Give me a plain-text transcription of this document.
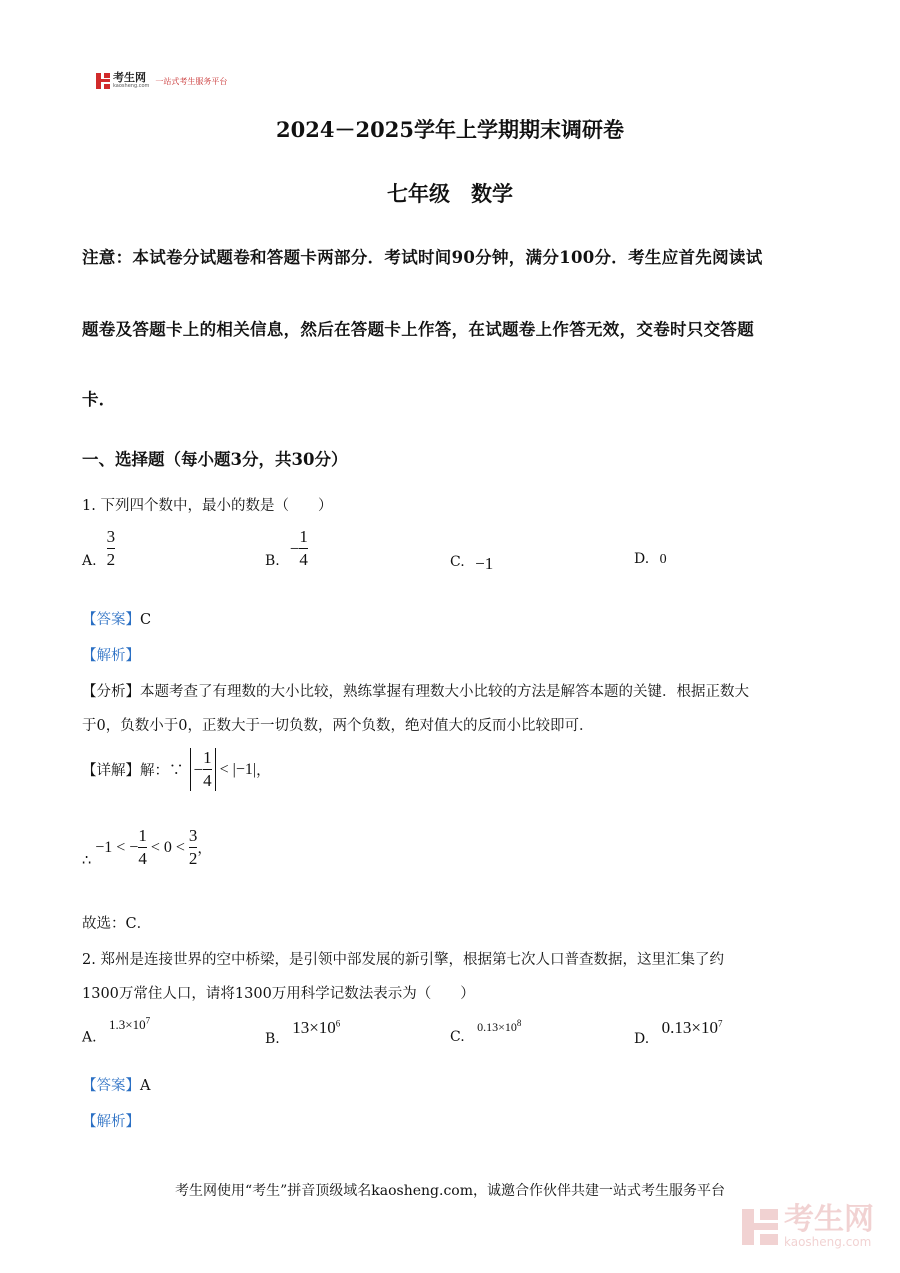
考生网
kaosheng.com 一站式考生服务平台
2024－2025学年上学期期末调研卷
七年级　数学
注意：本试卷分试题卷和答题卡两部分．考试时间90分钟，满分100分．考生应首先阅读试
题卷及答题卡上的相关信息，然后在答题卡上作答，在试题卷上作答无效，交卷时只交答题
卡．
一、选择题（每小题3分，共30分）
1. 下列四个数中，最小的数是（　　）
A. $\frac{3}{2}$	B.
− $\frac{1}{4}$	C. −1	D. 0
【答案】C
【解析】
【分析】本题考查了有理数的大小比较，熟练掌握有理数大小比较的方法是解答本题的关键．根据正数大
于0，负数小于0，正数大于一切负数，两个负数，绝对值大的反而小比较即可．
【详解】 解：∵ − $\frac{1}{4} < |-1|$ ，
∴
−1 < − $\frac{1}{4} < 0 < \frac{3}{2}$ ，
故选：C．
2. 郑州是连接世界的空中桥梁，是引领中部发展的新引擎，根据第七次人口普查数据，这里汇集了约
1300万常住人口，请将1300万用科学记数法表示为（　　）
A. $1.3\times 10^7$
B. $13\times 10^6$
C. $0.13\times 10^8$
D. $0.13\times 10^7$
【答案】A
【解析】
考生网使用“考生”拼音顶级域名kaosheng.com，诚邀合作伙伴共建一站式考生服务平台
考生网
kaosheng.com
